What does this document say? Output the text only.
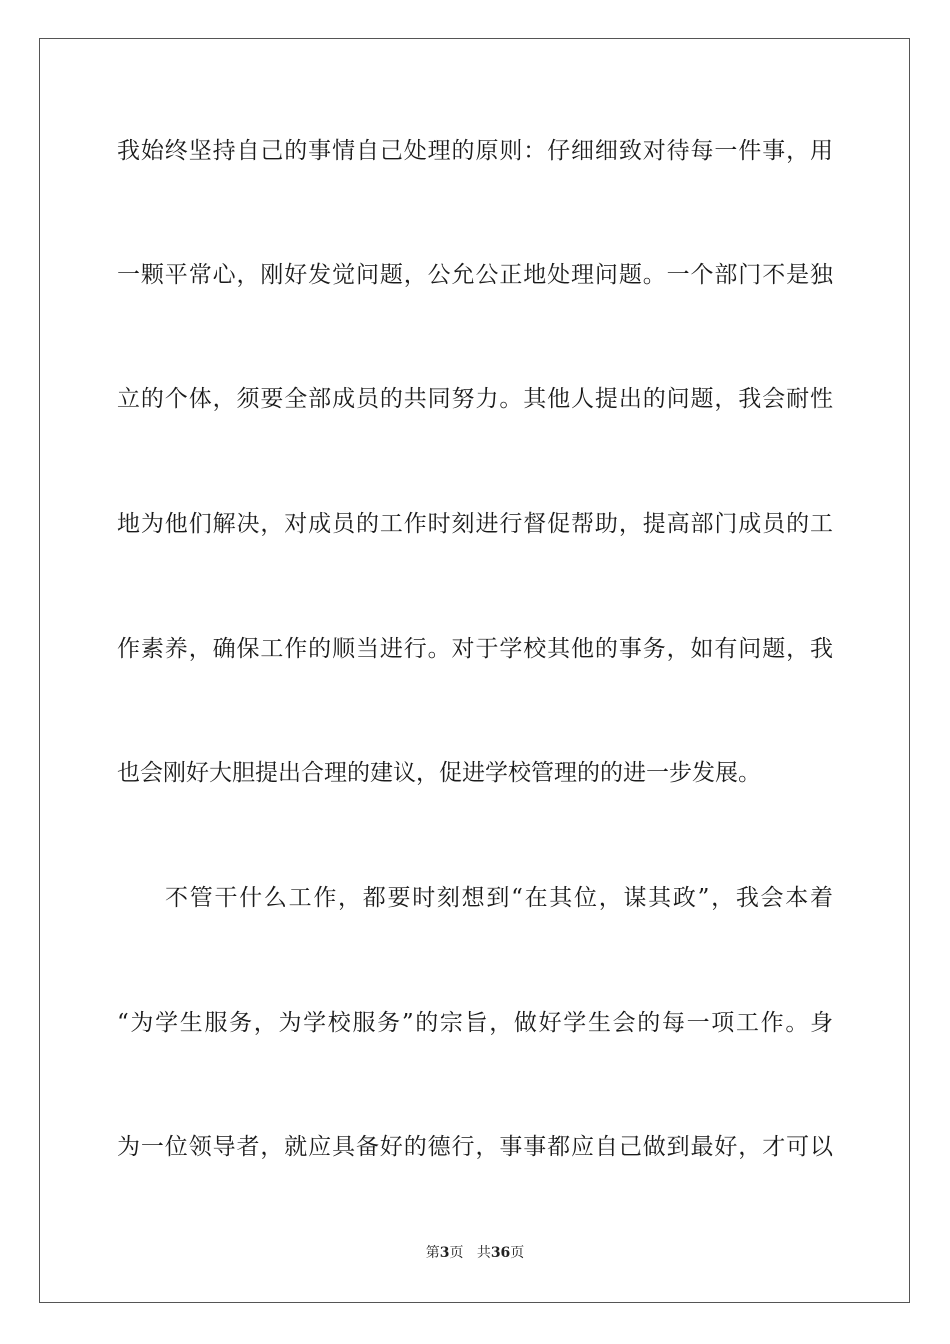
我始终坚持自己的事情自己处理的原则：仔细细致对待每一件事，用
一颗平常心，刚好发觉问题，公允公正地处理问题。一个部门不是独
立的个体，须要全部成员的共同努力。其他人提出的问题，我会耐性
地为他们解决，对成员的工作时刻进行督促帮助，提高部门成员的工
作素养，确保工作的顺当进行。对于学校其他的事务，如有问题，我
也会刚好大胆提出合理的建议，促进学校管理的的进一步发展。
不管干什么工作，都要时刻想到“在其位，谋其政”，我会本着
“为学生服务，为学校服务”的宗旨，做好学生会的每一项工作。身
为一位领导者，就应具备好的德行，事事都应自己做到最好，才可以
第3页 共36页
